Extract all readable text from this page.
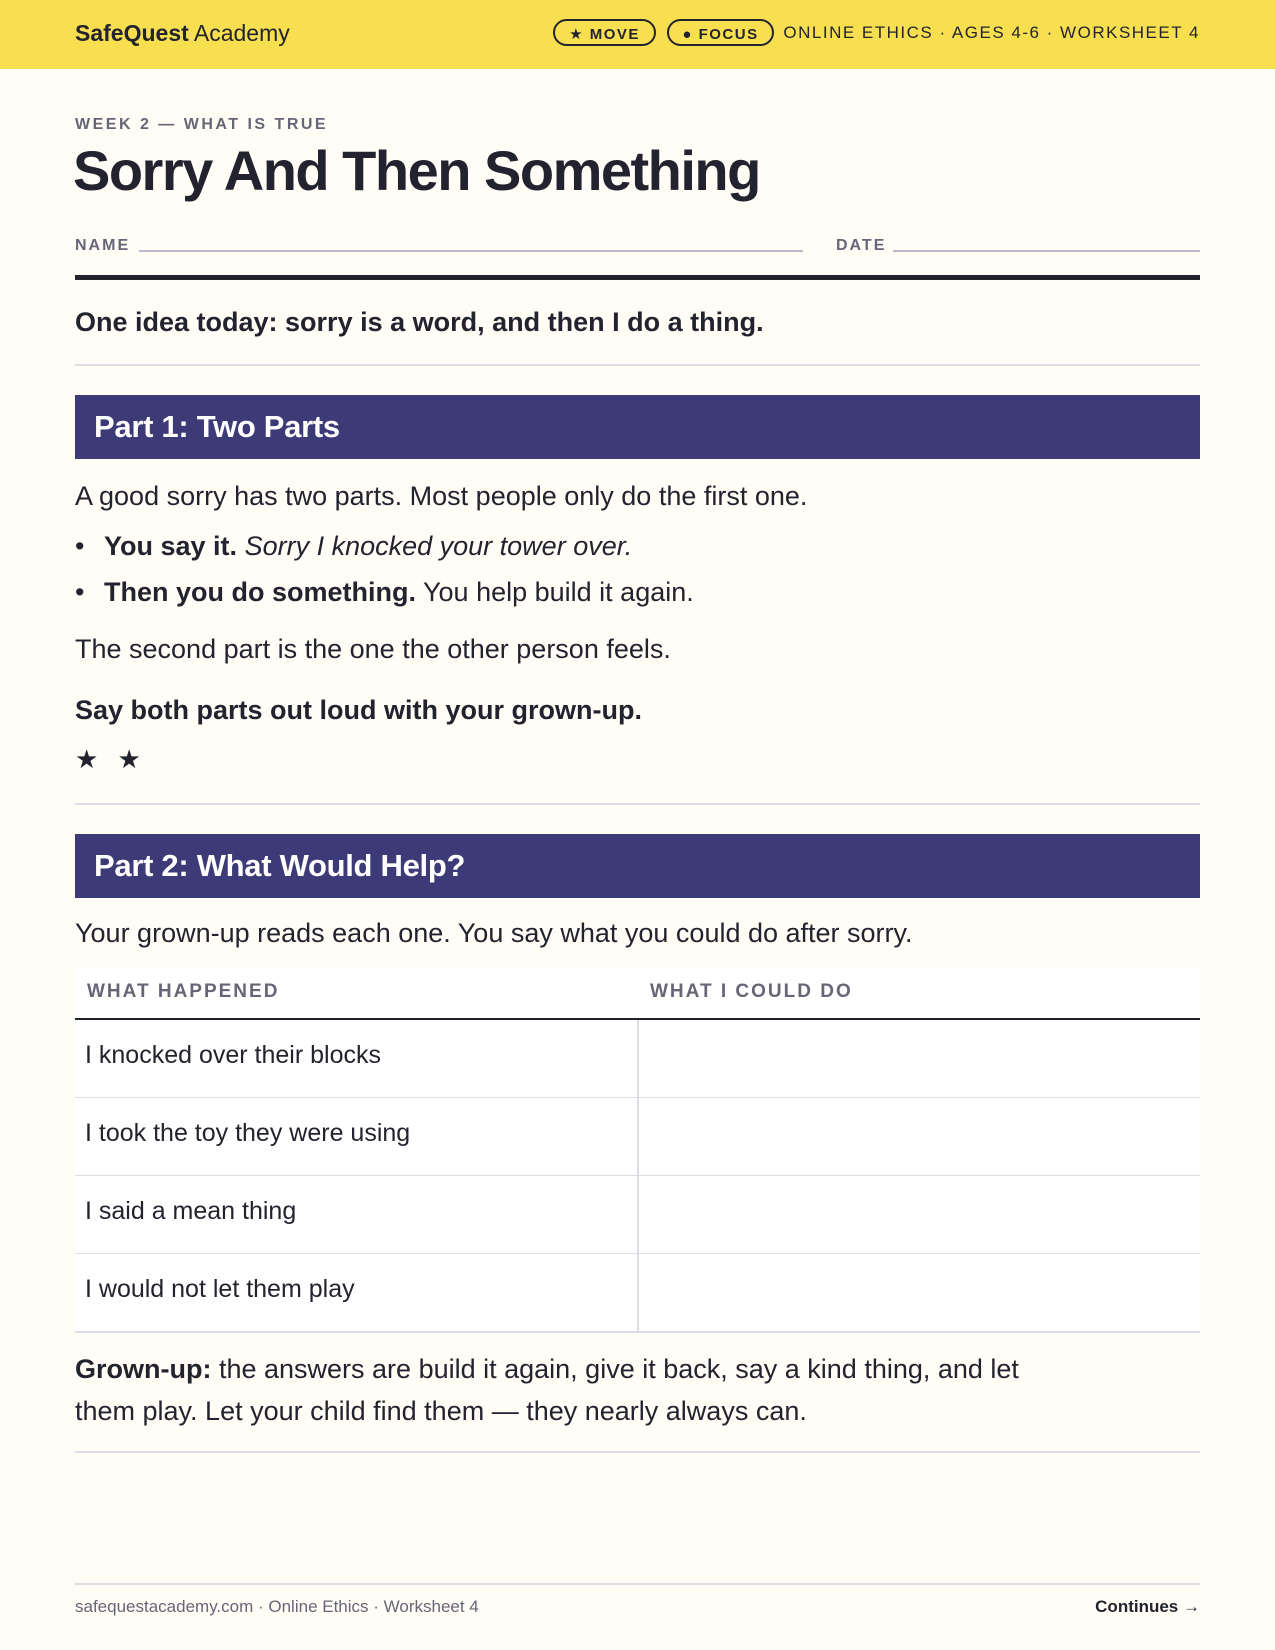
SafeQuest Academy	★ MOVE	● FOCUS	ONLINE ETHICS · AGES 4-6 · WORKSHEET 4
WEEK 2 — WHAT IS TRUE
Sorry And Then Something
NAME	DATE
One idea today: sorry is a word, and then I do a thing.
Part 1: Two Parts
A good sorry has two parts. Most people only do the first one.
• You say it. Sorry I knocked your tower over.
• Then you do something. You help build it again.
The second part is the one the other person feels.
Say both parts out loud with your grown-up.
★ ★
Part 2: What Would Help?
Your grown-up reads each one. You say what you could do after sorry.
WHAT HAPPENED	WHAT I COULD DO
I knocked over their blocks
I took the toy they were using
I said a mean thing
I would not let them play
Grown-up: the answers are build it again, give it back, say a kind thing, and let them play. Let your child find them — they nearly always can.
safequestacademy.com · Online Ethics · Worksheet 4	Continues →
